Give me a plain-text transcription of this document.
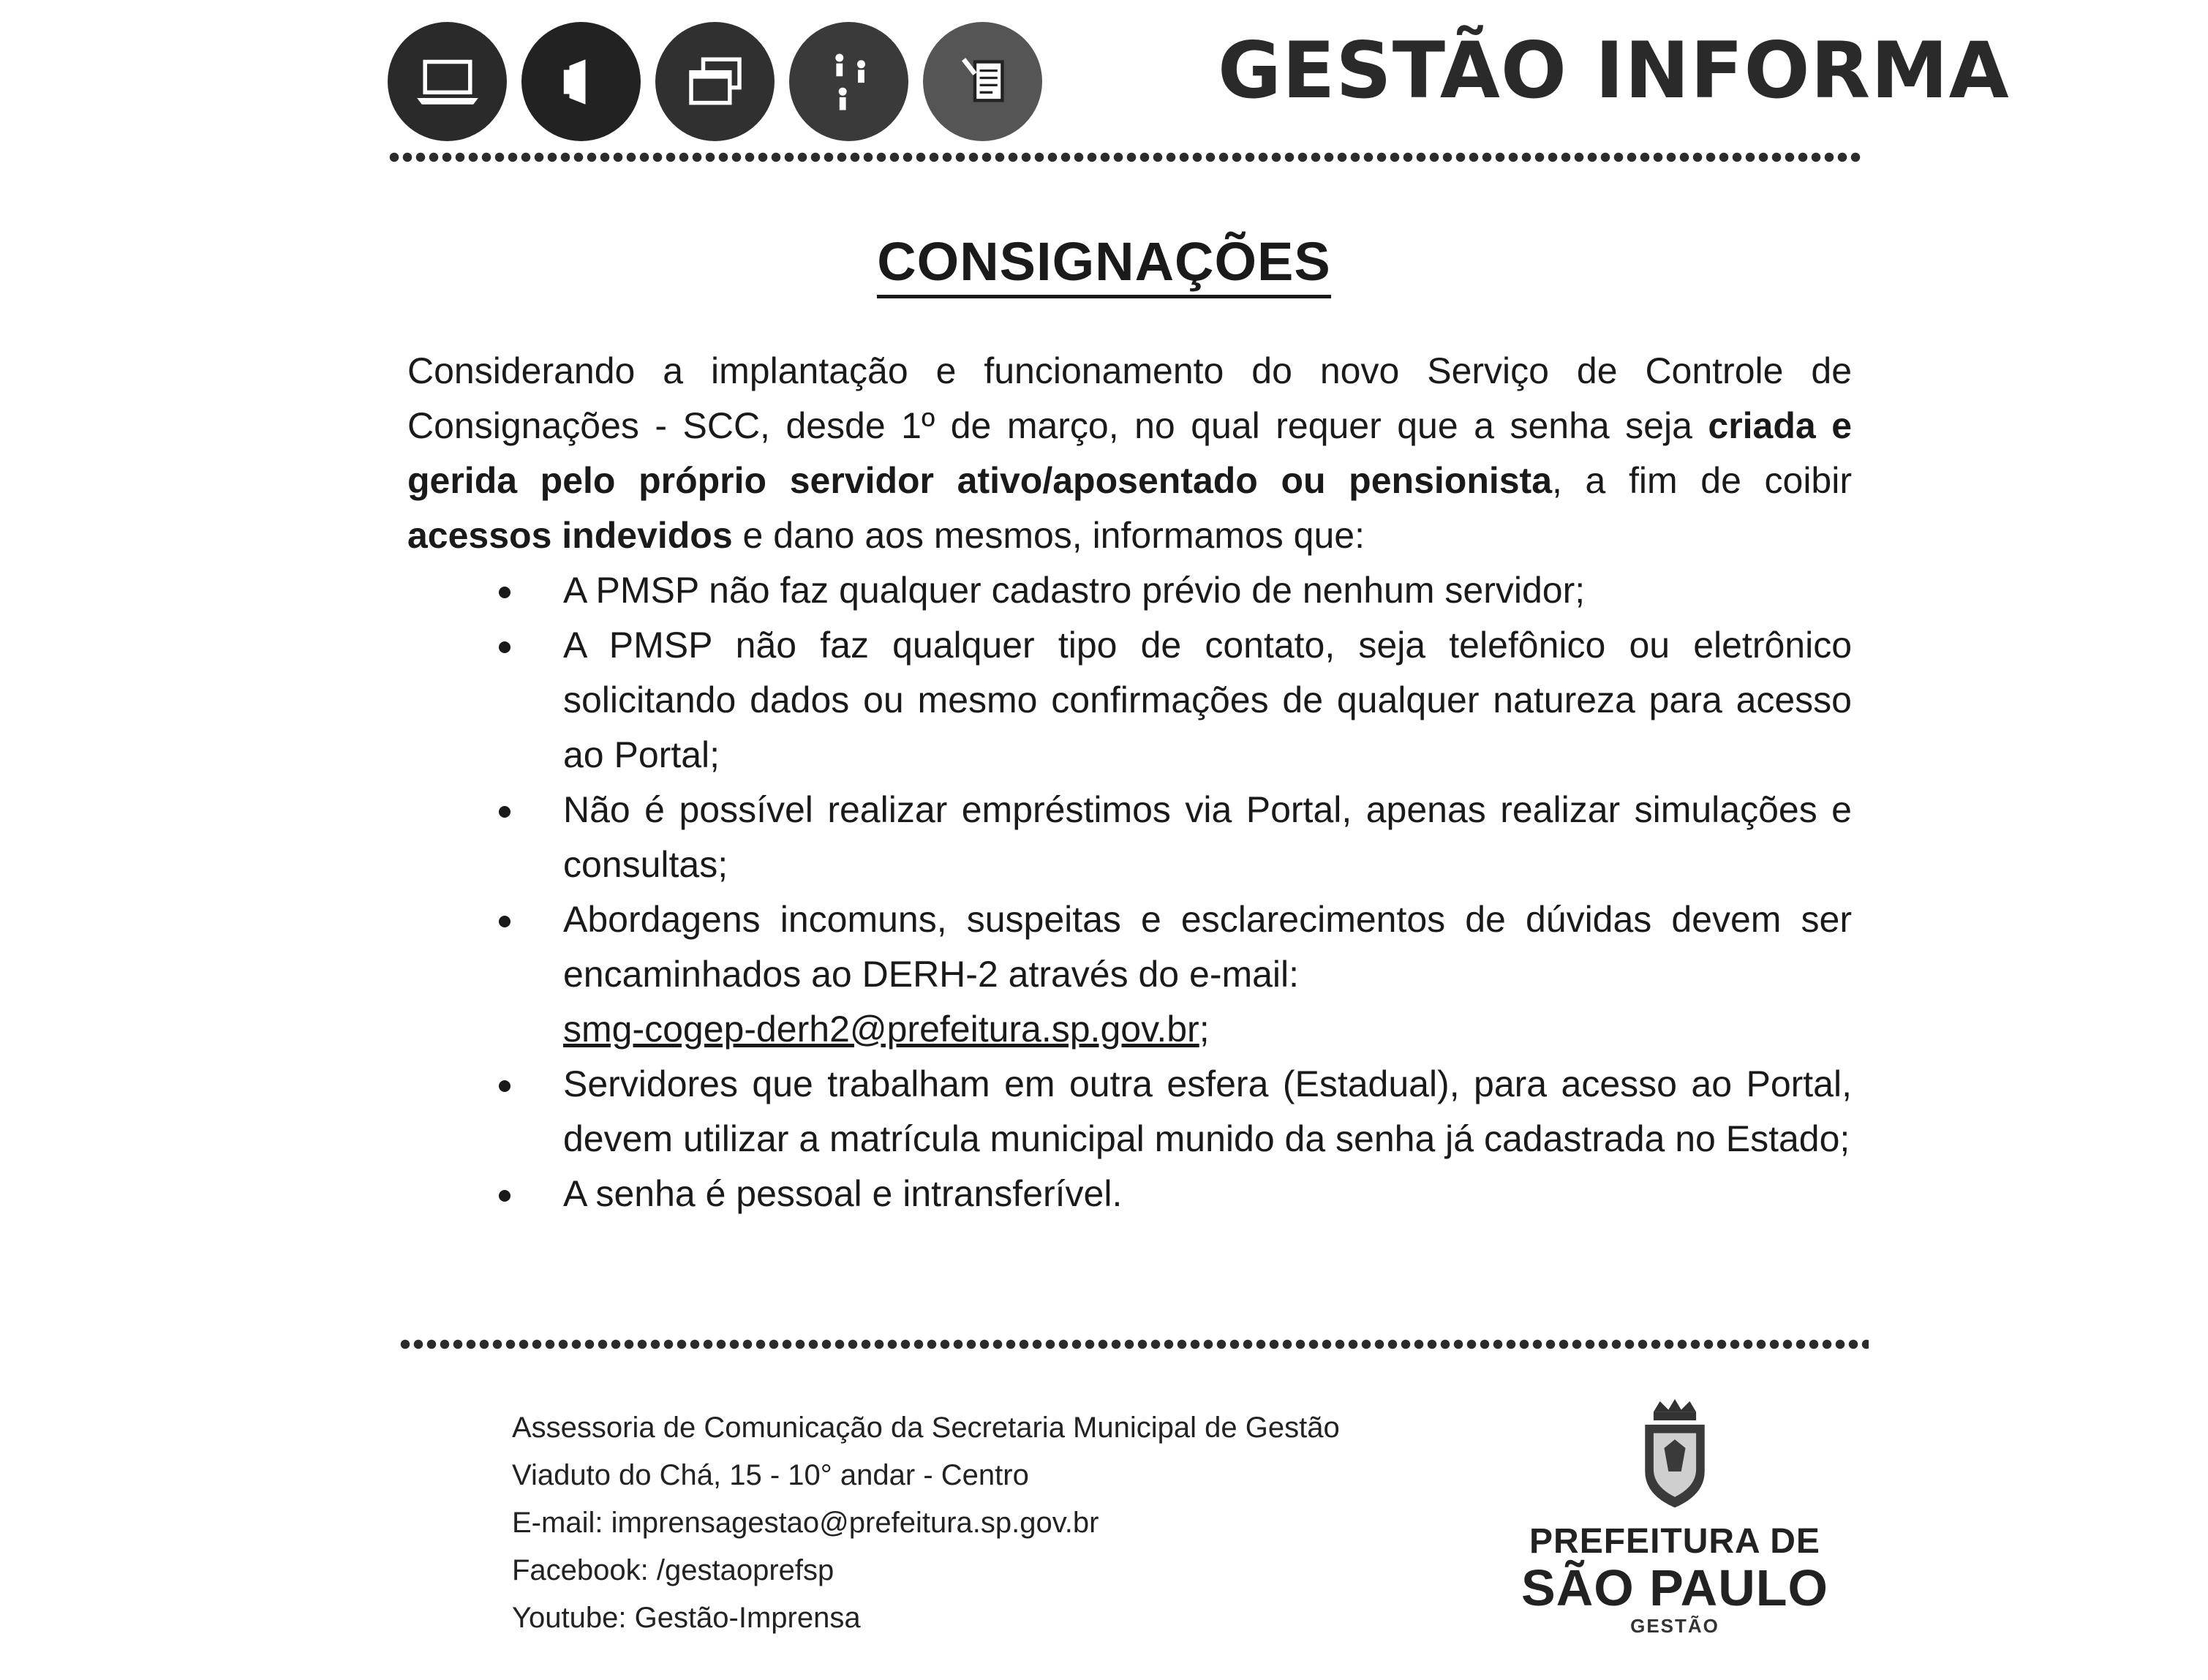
GESTÃO INFORMA
CONSIGNAÇÕES
Considerando a implantação e funcionamento do novo Serviço de Controle de Consignações - SCC, desde 1º de março, no qual requer que a senha seja criada e gerida pelo próprio servidor ativo/aposentado ou pensionista, a fim de coibir acessos indevidos e dano aos mesmos, informamos que:
A PMSP não faz qualquer cadastro prévio de nenhum servidor;
A PMSP não faz qualquer tipo de contato, seja telefônico ou eletrônico solicitando dados ou mesmo confirmações de qualquer natureza para acesso ao Portal;
Não é possível realizar empréstimos via Portal, apenas realizar simulações e consultas;
Abordagens incomuns, suspeitas e esclarecimentos de dúvidas devem ser encaminhados ao DERH-2 através do e-mail:
smg-cogep-derh2@prefeitura.sp.gov.br;
Servidores que trabalham em outra esfera (Estadual), para acesso ao Portal, devem utilizar a matrícula municipal munido da senha já cadastrada no Estado;
A senha é pessoal e intransferível.
Assessoria de Comunicação da Secretaria Municipal de Gestão
Viaduto do Chá, 15 - 10° andar - Centro
E-mail: imprensagestao@prefeitura.sp.gov.br
Facebook: /gestaoprefsp
Youtube: Gestão-Imprensa
PREFEITURA DE
SÃO PAULO
GESTÃO
